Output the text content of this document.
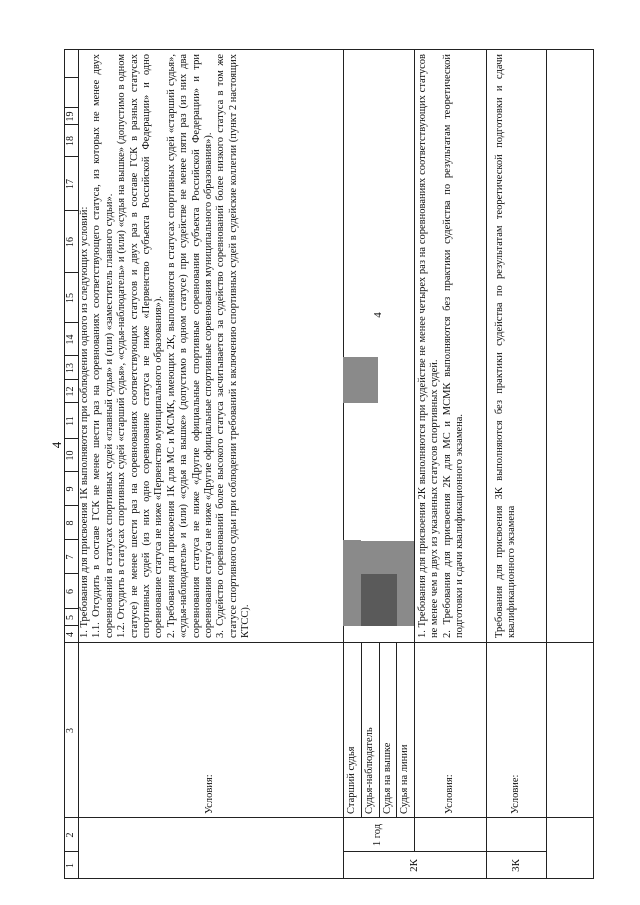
4
1
2
3
4
5
6
7
8
9
10
11
12
13
14
15
16
17
18
19
Условия:
1. Требования для присвоения 1К выполняются при соблюдении одного из следующих условий:
1.1. Отсудить в составе ГСК не менее шести раз на соревнованиях соответствующего статуса, из которых не менее двух соревнований в статусах спортивных судей «главный судья» и (или) «заместитель главного судьи».
1.2. Отсудить в статусах спортивных судей «старший судья», «судья-наблюдатель» и (или) «судья на вышке» (допустимо в одном статусе) не менее шести раз на соревнованиях соответствующих статусов и двух раз в составе ГСК в разных статусах спортивных судей (из них одно соревнование статуса не ниже «Первенство субъекта Российской Федерации» и одно соревнование статуса не ниже «Первенство муниципального образования»).
2. Требования для присвоения 1К для МС и МСМК, имеющих 2К, выполняются в статусах спортивных судей «старший судья», «судья-наблюдатель» и (или) «судья на вышке» (допустимо в одном статусе) при судействе не менее пяти раз (из них два соревнования статуса не ниже «Другие официальные спортивные соревнования субъекта Российской Федерации» и три соревнования статуса не ниже «Другие официальные спортивные соревнования муниципального образования»).
3. Судейство соревнований более высокого статуса засчитывается за судейство соревнований более низкого статуса в том же статусе спортивного судьи при соблюдении требований к включению спортивных судей в судейские коллегии (пункт 2 настоящих КТСС).
2К
1 год
Старший судья Судья-наблюдатель Судья на вышке Судья на линии
4
Условия:
1. Требования для присвоения 2К выполняются при судействе не менее четырех раз на соревнованиях соответствующих статусов не менее чем в двух из указанных статусов спортивных судей.
2. Требования для присвоения 2К для МС и МСМК выполняются без практики судейства по результатам теоретической подготовки и сдачи квалификационного экзамена.
3К
Условие:
Требования для присвоения 3К выполняются без практики судейства по результатам теоретической подготовки и сдачи квалификационного экзамена
